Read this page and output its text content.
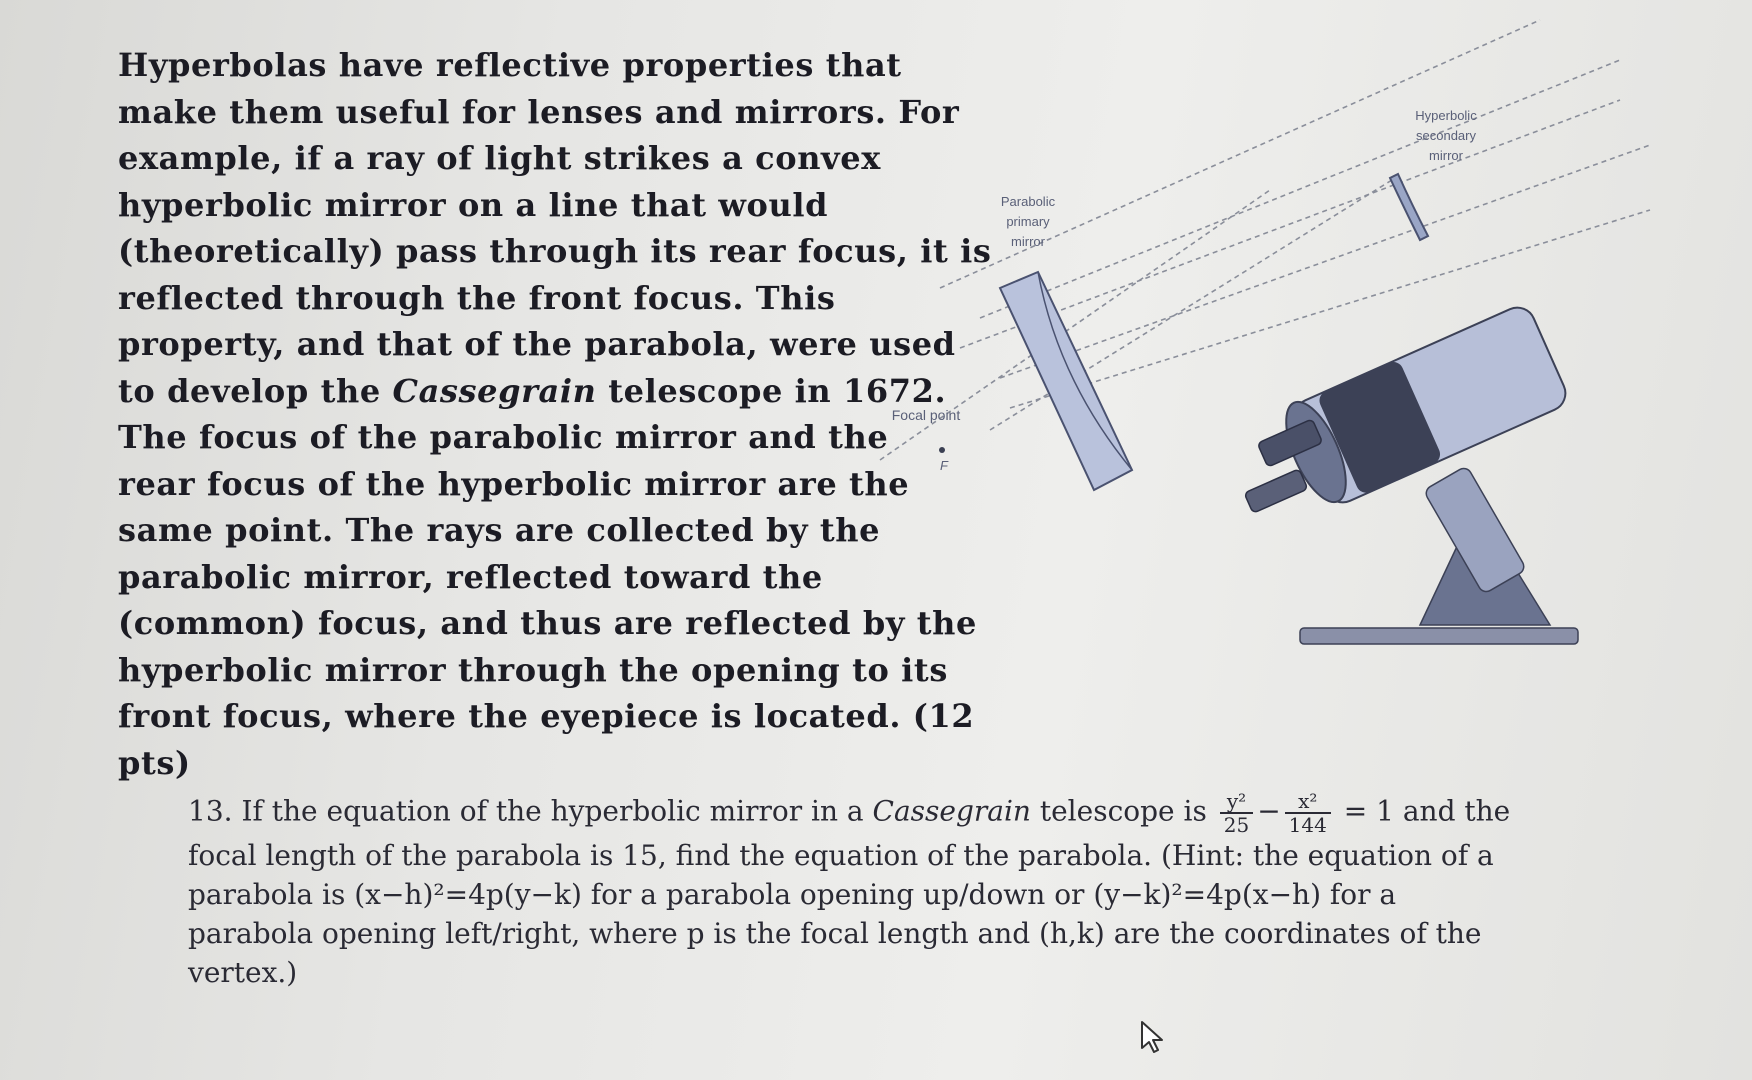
Hyperbolas have reflective properties that
make them useful for lenses and mirrors. For
example, if a ray of light strikes a convex
hyperbolic mirror on a line that would
(theoretically) pass through its rear focus, it is
reflected through the front focus. This
property, and that of the parabola, were used
to develop the Cassegrain telescope in 1672.
The focus of the parabolic mirror and the
rear focus of the hyperbolic mirror are the
same point. The rays are collected by the
parabolic mirror, reflected toward the
(common) focus, and thus are reflected by the
hyperbolic mirror through the opening to its
front focus, where the eyepiece is located. (12
pts)
Hyperbolic
secondary
mirror
Parabolic
primary
mirror
Focal point
F
13. If the equation of the hyperbolic mirror in a Cassegrain telescope is $\frac{\text{y²}}{25} - \frac{\text{x²}}{144} = 1$ and the
focal length of the parabola is 15, find the equation of the parabola. (Hint: the equation of a
parabola is (x−h)²=4p(y−k) for a parabola opening up/down or (y−k)²=4p(x−h) for a
parabola opening left/right, where p is the focal length and (h,k) are the coordinates of the
vertex.)
